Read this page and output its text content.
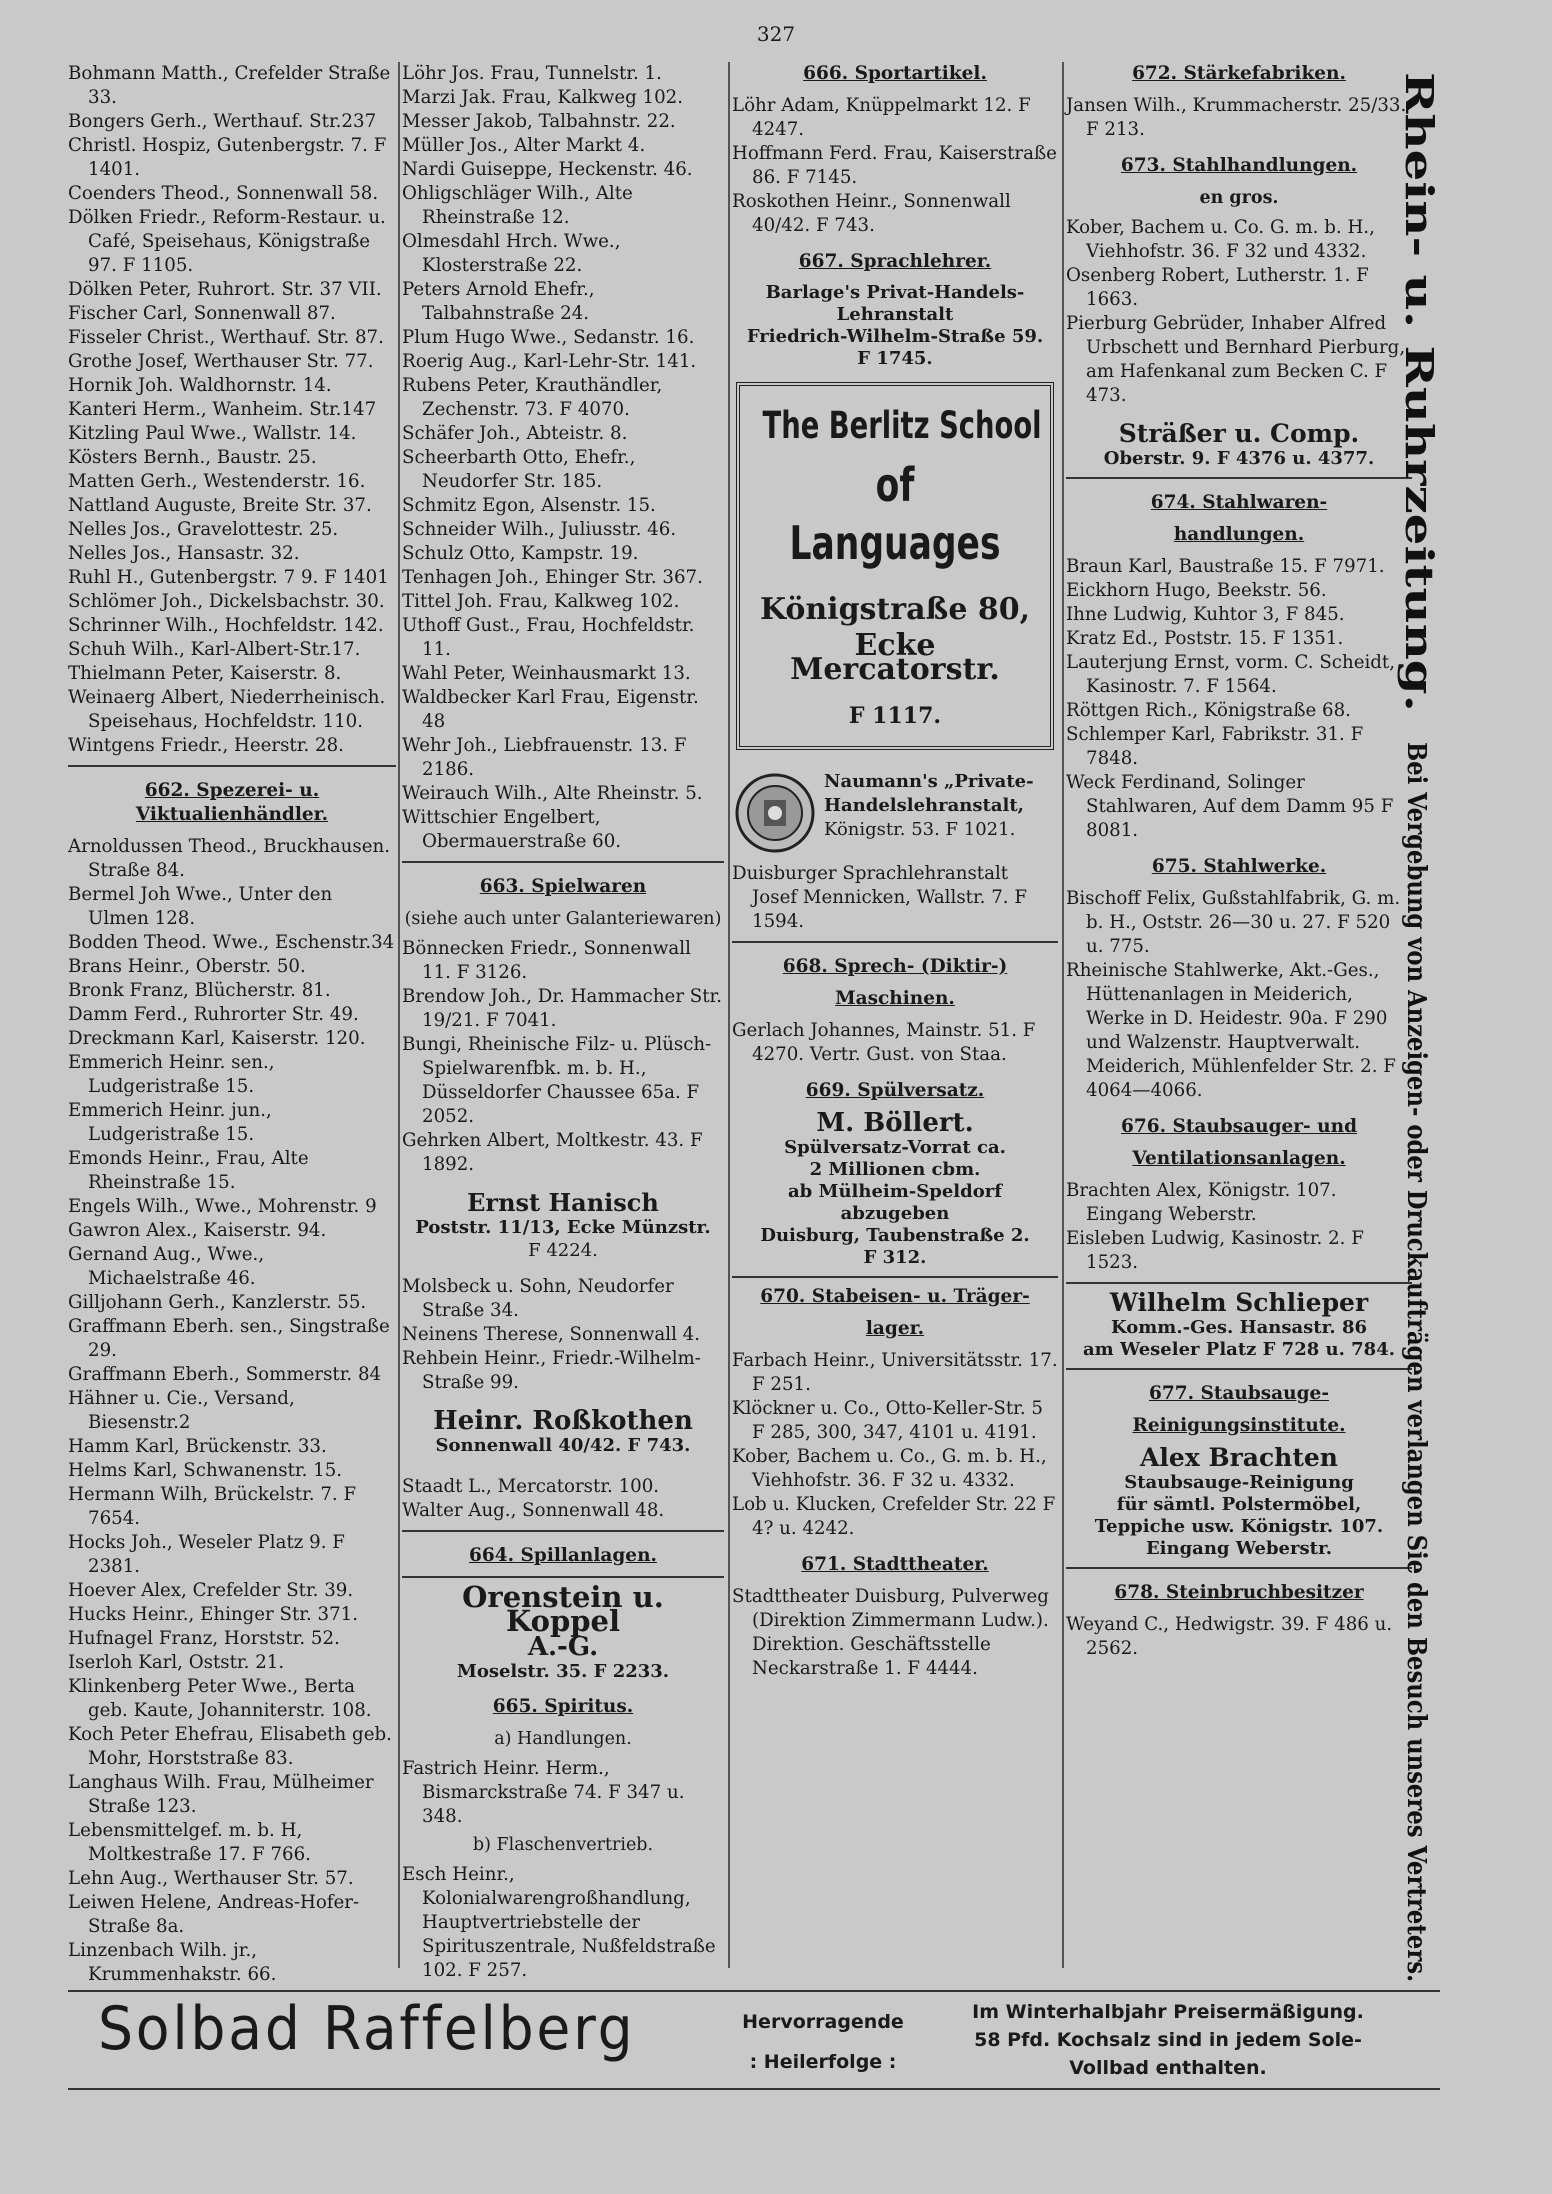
327
Bohmann Matth., Crefelder Straße 33.
Bongers Gerh., Werthauf. Str.237
Christl. Hospiz, Gutenbergstr. 7. F 1401.
Coenders Theod., Sonnenwall 58.
Dölken Friedr., Reform-Restaur. u. Café, Speisehaus, Königstraße 97. F 1105.
Dölken Peter, Ruhrort. Str. 37 VII.
Fischer Carl, Sonnenwall 87.
Fisseler Christ., Werthauf. Str. 87.
Grothe Josef, Werthauser Str. 77.
Hornik Joh. Waldhornstr. 14.
Kanteri Herm., Wanheim. Str.147
Kitzling Paul Wwe., Wallstr. 14.
Kösters Bernh., Baustr. 25.
Matten Gerh., Westenderstr. 16.
Nattland Auguste, Breite Str. 37.
Nelles Jos., Gravelottestr. 25.
Nelles Jos., Hansastr. 32.
Ruhl H., Gutenbergstr. 7 9. F 1401
Schlömer Joh., Dickelsbachstr. 30.
Schrinner Wilh., Hochfeldstr. 142.
Schuh Wilh., Karl-Albert-Str.17.
Thielmann Peter, Kaiserstr. 8.
Weinaerg Albert, Niederrheinisch. Speisehaus, Hochfeldstr. 110.
Wintgens Friedr., Heerstr. 28.
662. Spezerei- u. Viktualienhändler.
Arnoldussen Theod., Bruckhausen. Straße 84.
Bermel Joh Wwe., Unter den Ulmen 128.
Bodden Theod. Wwe., Eschenstr.34
Brans Heinr., Oberstr. 50.
Bronk Franz, Blücherstr. 81.
Damm Ferd., Ruhrorter Str. 49.
Dreckmann Karl, Kaiserstr. 120.
Emmerich Heinr. sen., Ludgeristraße 15.
Emmerich Heinr. jun., Ludgeristraße 15.
Emonds Heinr., Frau, Alte Rheinstraße 15.
Engels Wilh., Wwe., Mohrenstr. 9
Gawron Alex., Kaiserstr. 94.
Gernand Aug., Wwe., Michaelstraße 46.
Gilljohann Gerh., Kanzlerstr. 55.
Graffmann Eberh. sen., Singstraße 29.
Graffmann Eberh., Sommerstr. 84
Hähner u. Cie., Versand, Biesenstr.2
Hamm Karl, Brückenstr. 33.
Helms Karl, Schwanenstr. 15.
Hermann Wilh, Brückelstr. 7. F 7654.
Hocks Joh., Weseler Platz 9. F 2381.
Hoever Alex, Crefelder Str. 39.
Hucks Heinr., Ehinger Str. 371.
Hufnagel Franz, Horststr. 52.
Iserloh Karl, Oststr. 21.
Klinkenberg Peter Wwe., Berta geb. Kaute, Johanniterstr. 108.
Koch Peter Ehefrau, Elisabeth geb. Mohr, Horststraße 83.
Langhaus Wilh. Frau, Mülheimer Straße 123.
Lebensmittelgef. m. b. H, Moltkestraße 17. F 766.
Lehn Aug., Werthauser Str. 57.
Leiwen Helene, Andreas-Hofer-Straße 8a.
Linzenbach Wilh. jr., Krummenhakstr. 66.
Löhr Jos. Frau, Tunnelstr. 1.
Marzi Jak. Frau, Kalkweg 102.
Messer Jakob, Talbahnstr. 22.
Müller Jos., Alter Markt 4.
Nardi Guiseppe, Heckenstr. 46.
Ohligschläger Wilh., Alte Rheinstraße 12.
Olmesdahl Hrch. Wwe., Klosterstraße 22.
Peters Arnold Ehefr., Talbahnstraße 24.
Plum Hugo Wwe., Sedanstr. 16.
Roerig Aug., Karl-Lehr-Str. 141.
Rubens Peter, Krauthändler, Zechenstr. 73. F 4070.
Schäfer Joh., Abteistr. 8.
Scheerbarth Otto, Ehefr., Neudorfer Str. 185.
Schmitz Egon, Alsenstr. 15.
Schneider Wilh., Juliusstr. 46.
Schulz Otto, Kampstr. 19.
Tenhagen Joh., Ehinger Str. 367.
Tittel Joh. Frau, Kalkweg 102.
Uthoff Gust., Frau, Hochfeldstr. 11.
Wahl Peter, Weinhausmarkt 13.
Waldbecker Karl Frau, Eigenstr. 48
Wehr Joh., Liebfrauenstr. 13. F 2186.
Weirauch Wilh., Alte Rheinstr. 5.
Wittschier Engelbert, Obermauerstraße 60.
663. Spielwaren
(siehe auch unter Galanteriewaren)
Bönnecken Friedr., Sonnenwall 11. F 3126.
Brendow Joh., Dr. Hammacher Str. 19/21. F 7041.
Bungi, Rheinische Filz- u. Plüsch-Spielwarenfbk. m. b. H., Düsseldorfer Chaussee 65a. F 2052.
Gehrken Albert, Moltkestr. 43. F 1892.
Ernst Hanisch
Poststr. 11/13, Ecke Münzstr.
F 4224.
Molsbeck u. Sohn, Neudorfer Straße 34.
Neinens Therese, Sonnenwall 4.
Rehbein Heinr., Friedr.-Wilhelm-Straße 99.
Heinr. Roßkothen
Sonnenwall 40/42. F 743.
Staadt L., Mercatorstr. 100.
Walter Aug., Sonnenwall 48.
664. Spillanlagen.
Orenstein u. Koppel
A.-G.
Moselstr. 35. F 2233.
665. Spiritus.
a) Handlungen.
Fastrich Heinr. Herm., Bismarckstraße 74. F 347 u. 348.
b) Flaschenvertrieb.
Esch Heinr., Kolonialwarengroßhandlung, Hauptvertriebstelle der Spirituszentrale, Nußfeldstraße 102. F 257.
666. Sportartikel.
Löhr Adam, Knüppelmarkt 12. F 4247.
Hoffmann Ferd. Frau, Kaiserstraße 86. F 7145.
Roskothen Heinr., Sonnenwall 40/42. F 743.
667. Sprachlehrer.
Barlage's Privat-Handels-Lehranstalt
Friedrich-Wilhelm-Straße 59.
F 1745.
The Berlitz School
of Languages
Königstraße 80,
Ecke Mercatorstr.
F 1117.
Naumann's „Private-
Handelslehranstalt,
Königstr. 53. F 1021.
Duisburger Sprachlehranstalt Josef Mennicken, Wallstr. 7. F 1594.
668. Sprech- (Diktir-)
Maschinen.
Gerlach Johannes, Mainstr. 51. F 4270. Vertr. Gust. von Staa.
669. Spülversatz.
M. Böllert.
Spülversatz-Vorrat ca.
2 Millionen cbm.
ab Mülheim-Speldorf abzugeben
Duisburg, Taubenstraße 2.
F 312.
670. Stabeisen- u. Träger-
lager.
Farbach Heinr., Universitätsstr. 17. F 251.
Klöckner u. Co., Otto-Keller-Str. 5 F 285, 300, 347, 4101 u. 4191.
Kober, Bachem u. Co., G. m. b. H., Viehhofstr. 36. F 32 u. 4332.
Lob u. Klucken, Crefelder Str. 22 F 4? u. 4242.
671. Stadttheater.
Stadttheater Duisburg, Pulverweg (Direktion Zimmermann Ludw.). Direktion. Geschäftsstelle Neckarstraße 1. F 4444.
672. Stärkefabriken.
Jansen Wilh., Krummacherstr. 25/33. F 213.
673. Stahlhandlungen.
en gros.
Kober, Bachem u. Co. G. m. b. H., Viehhofstr. 36. F 32 und 4332.
Osenberg Robert, Lutherstr. 1. F 1663.
Pierburg Gebrüder, Inhaber Alfred Urbschett und Bernhard Pierburg, am Hafenkanal zum Becken C. F 473.
Sträßer u. Comp.
Oberstr. 9. F 4376 u. 4377.
674. Stahlwaren-
handlungen.
Braun Karl, Baustraße 15. F 7971.
Eickhorn Hugo, Beekstr. 56.
Ihne Ludwig, Kuhtor 3, F 845.
Kratz Ed., Poststr. 15. F 1351.
Lauterjung Ernst, vorm. C. Scheidt, Kasinostr. 7. F 1564.
Röttgen Rich., Königstraße 68.
Schlemper Karl, Fabrikstr. 31. F 7848.
Weck Ferdinand, Solinger Stahlwaren, Auf dem Damm 95 F 8081.
675. Stahlwerke.
Bischoff Felix, Gußstahlfabrik, G. m. b. H., Oststr. 26—30 u. 27. F 520 u. 775.
Rheinische Stahlwerke, Akt.-Ges., Hüttenanlagen in Meiderich, Werke in D. Heidestr. 90a. F 290 und Walzenstr. Hauptverwalt. Meiderich, Mühlenfelder Str. 2. F 4064—4066.
676. Staubsauger- und
Ventilationsanlagen.
Brachten Alex, Königstr. 107. Eingang Weberstr.
Eisleben Ludwig, Kasinostr. 2. F 1523.
Wilhelm Schlieper
Komm.-Ges. Hansastr. 86
am Weseler Platz F 728 u. 784.
677. Staubsauge-
Reinigungsinstitute.
Alex Brachten
Staubsauge-Reinigung
für sämtl. Polstermöbel,
Teppiche usw. Königstr. 107.
Eingang Weberstr.
678. Steinbruchbesitzer
Weyand C., Hedwigstr. 39. F 486 u. 2562.
Rhein- u. Ruhrzeitung.
Bei Vergebung von Anzeigen- oder Druckaufträgen verlangen Sie den Besuch unseres Vertreters.
Solbad Raffelberg	Hervorragende
: Heilerfolge :
Im Winterhalbjahr Preisermäßigung.
58 Pfd. Kochsalz sind in jedem Sole-
Vollbad enthalten.
